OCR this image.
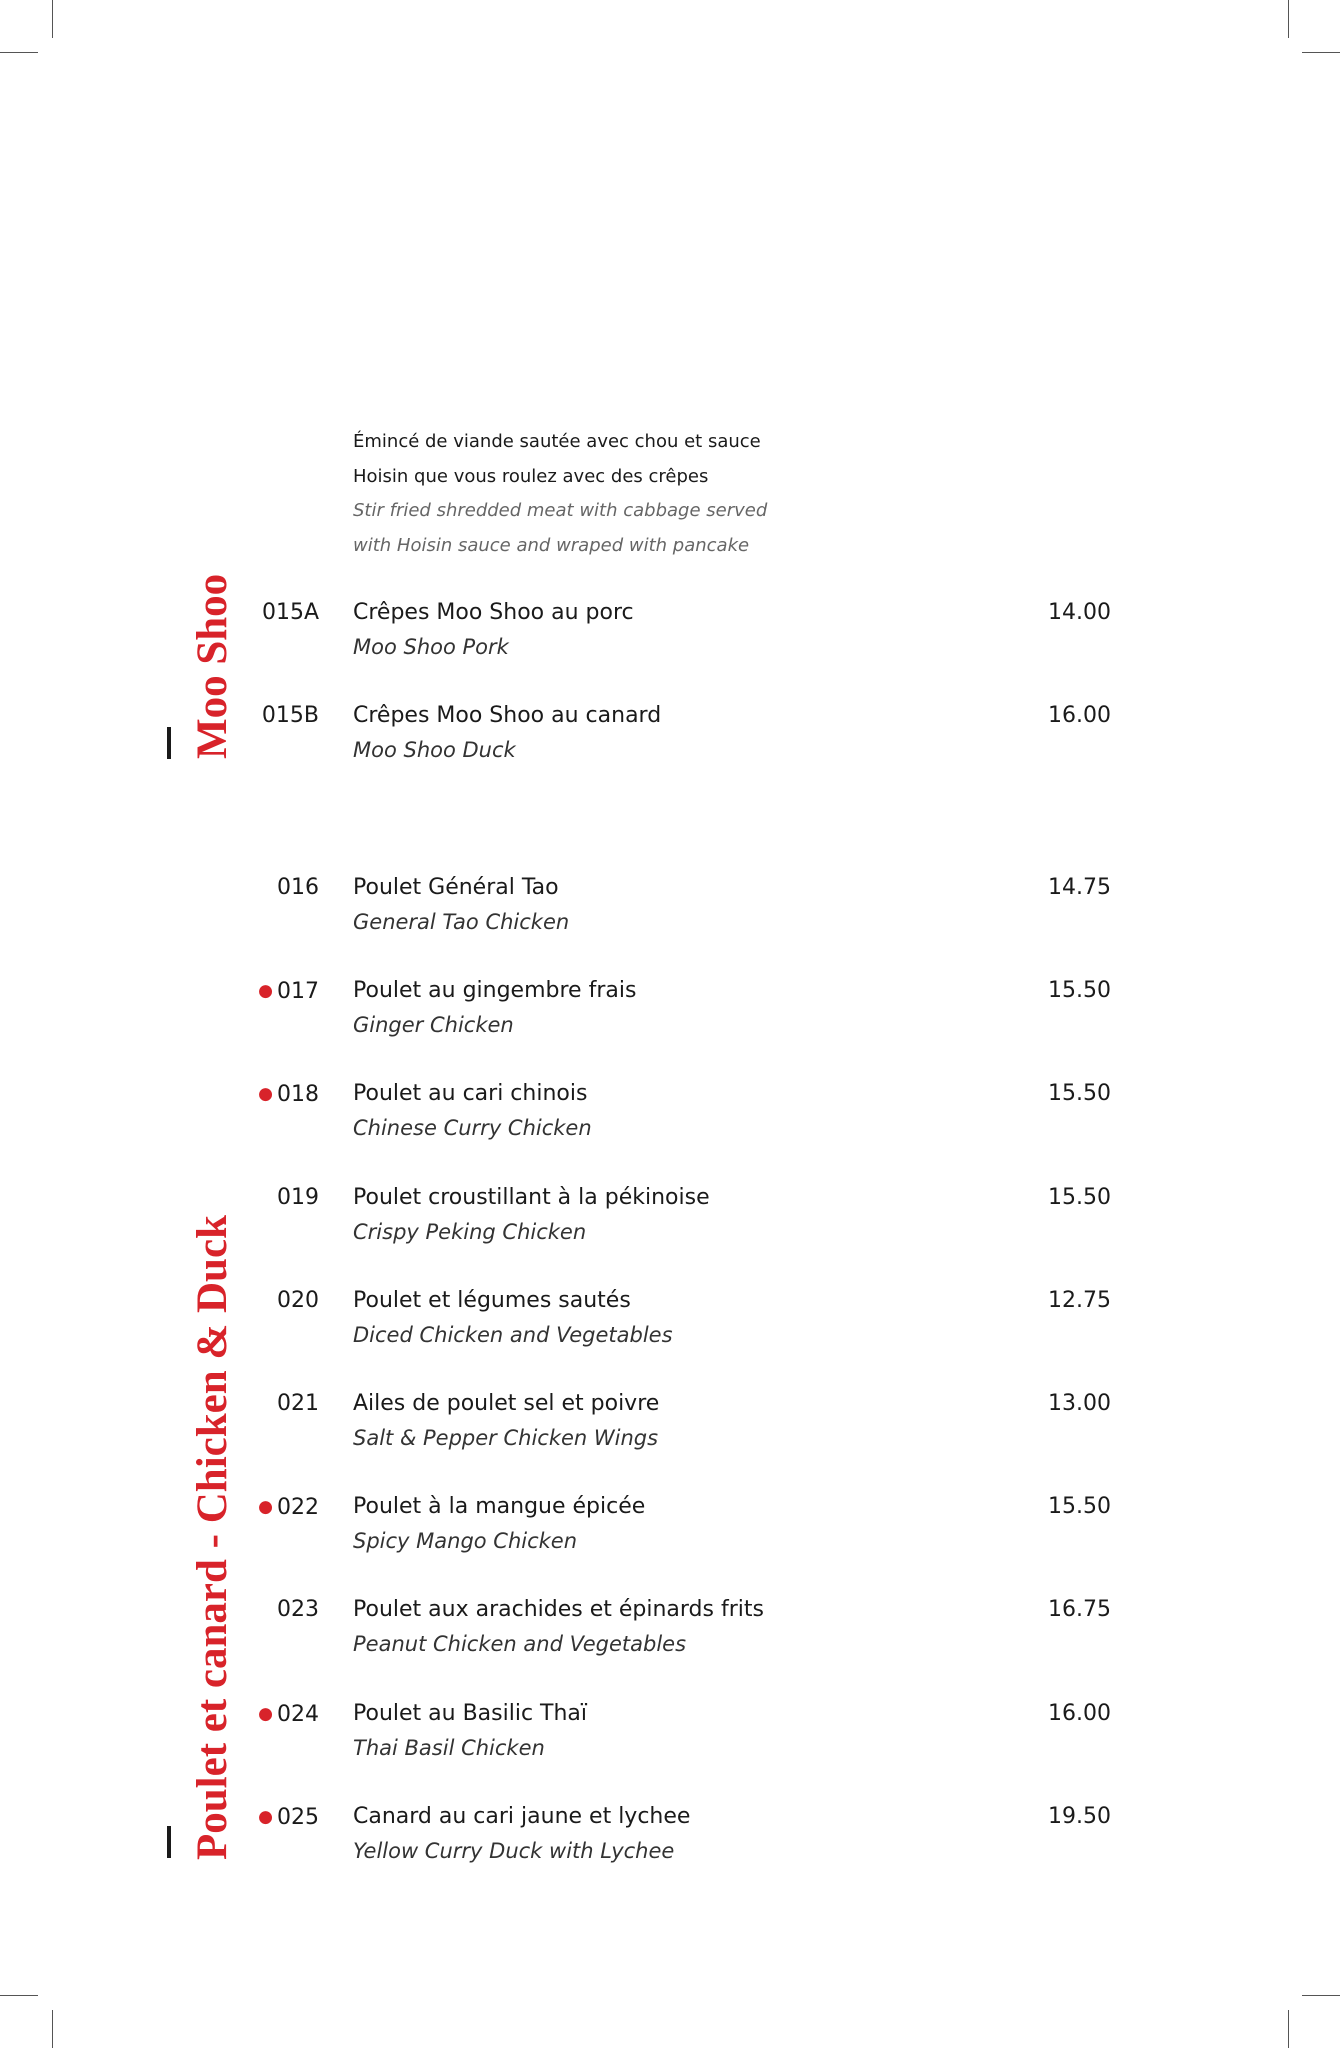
Moo Shoo
Émincé de viande sautée avec chou et sauce
Hoisin que vous roulez avec des crêpes
Stir fried shredded meat with cabbage served
with Hoisin sauce and wraped with pancake
015A Crêpes Moo Shoo au porc
Moo Shoo Pork
14.00
015B Crêpes Moo Shoo au canard
Moo Shoo Duck
16.00
Poulet et canard - Chicken & Duck
016 Poulet Général Tao
General Tao Chicken
14.75
● 017 Poulet au gingembre frais
Ginger Chicken
15.50
● 018 Poulet au cari chinois
Chinese Curry Chicken
15.50
019 Poulet croustillant à la pékinoise
Crispy Peking Chicken
15.50
020 Poulet et légumes sautés
Diced Chicken and Vegetables
12.75
021 Ailes de poulet sel et poivre
Salt & Pepper Chicken Wings
13.00
● 022 Poulet à la mangue épicée
Spicy Mango Chicken
15.50
023 Poulet aux arachides et épinards frits
Peanut Chicken and Vegetables
16.75
● 024 Poulet au Basilic Thaï
Thai Basil Chicken
16.00
● 025 Canard au cari jaune et lychee
Yellow Curry Duck with Lychee
19.50
